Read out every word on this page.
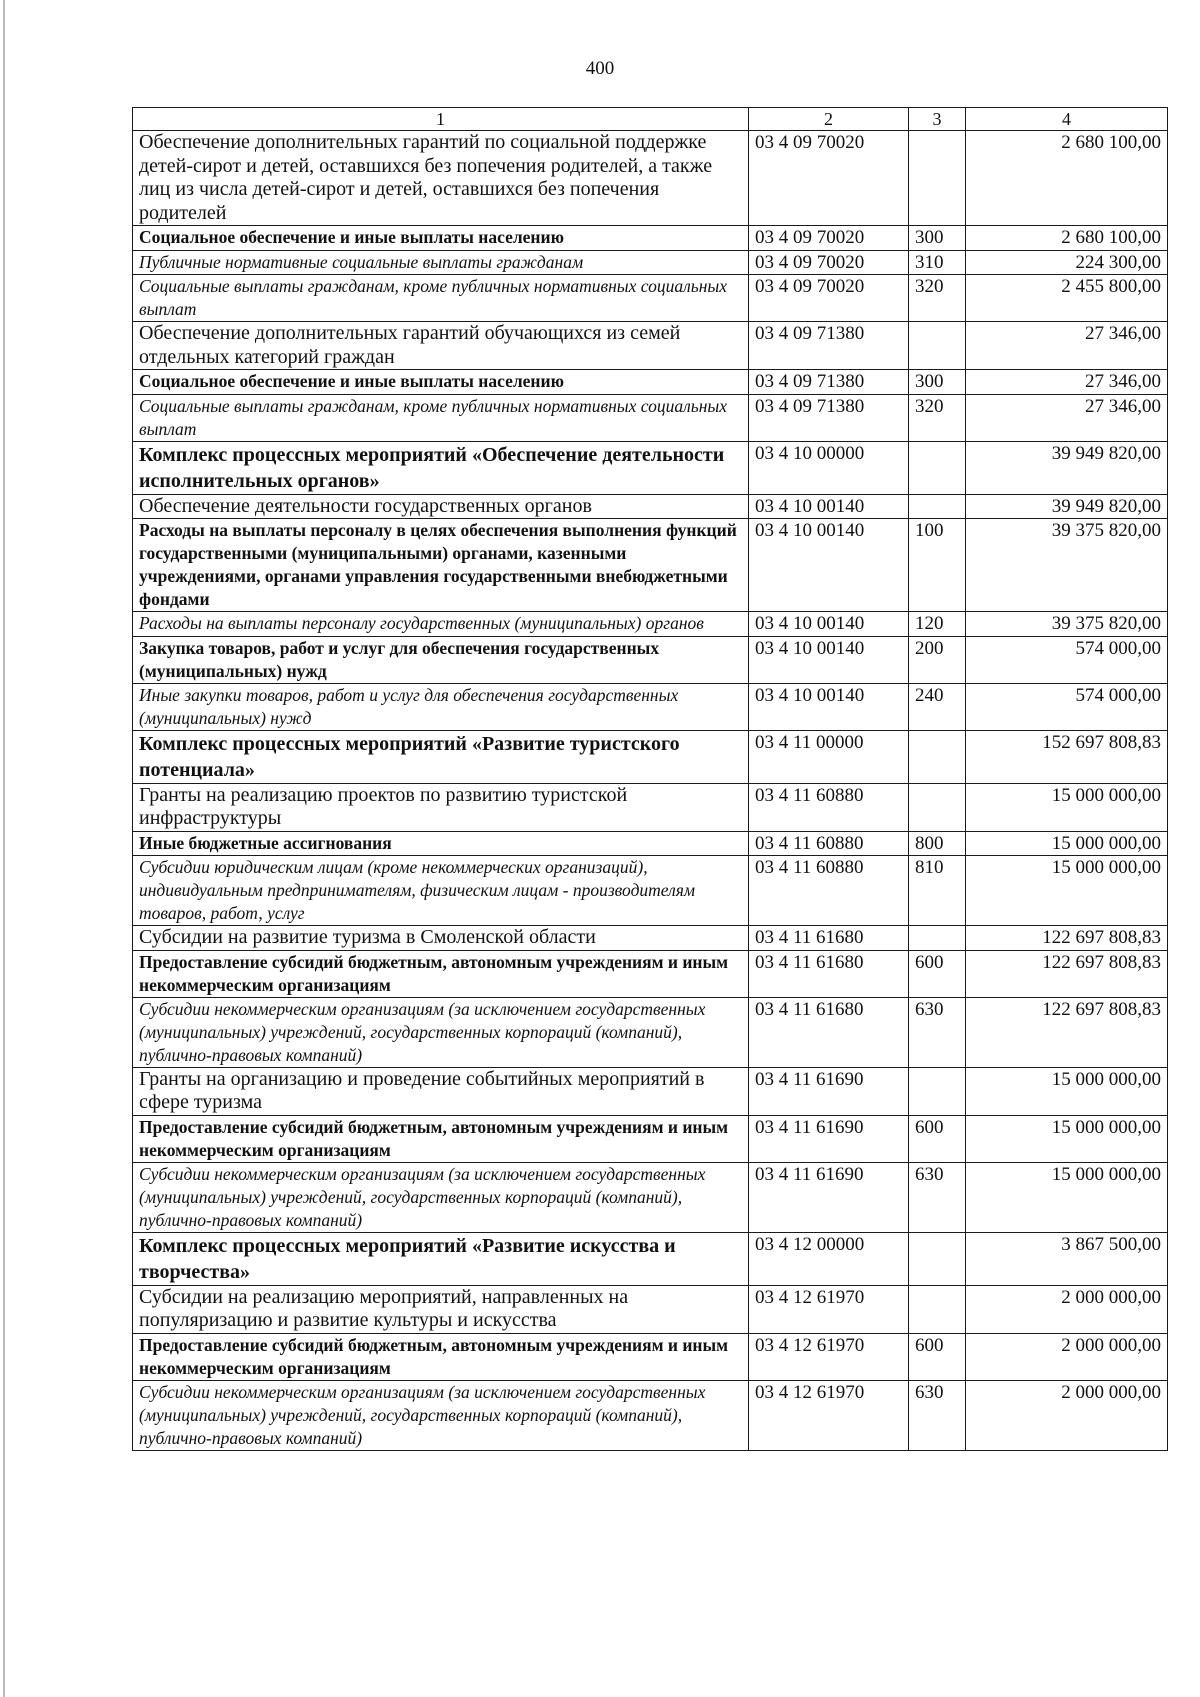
400
1	2	3	4
Обеспечение дополнительных гарантий по социальной поддержке детей-сирот и детей, оставшихся без попечения родителей, а также лиц из числа детей-сирот и детей, оставшихся без попечения родителей	03 4 09 70020		2 680 100,00
Социальное обеспечение и иные выплаты населению	03 4 09 70020	300	2 680 100,00
Публичные нормативные социальные выплаты гражданам	03 4 09 70020	310	224 300,00
Социальные выплаты гражданам, кроме публичных нормативных социальных выплат	03 4 09 70020	320	2 455 800,00
Обеспечение дополнительных гарантий обучающихся из семей отдельных категорий граждан	03 4 09 71380		27 346,00
Социальное обеспечение и иные выплаты населению	03 4 09 71380	300	27 346,00
Социальные выплаты гражданам, кроме публичных нормативных социальных выплат	03 4 09 71380	320	27 346,00
Комплекс процессных мероприятий «Обеспечение деятельности исполнительных органов»	03 4 10 00000		39 949 820,00
Обеспечение деятельности государственных органов	03 4 10 00140		39 949 820,00
Расходы на выплаты персоналу в целях обеспечения выполнения функций государственными (муниципальными) органами, казенными учреждениями, органами управления государственными внебюджетными фондами	03 4 10 00140	100	39 375 820,00
Расходы на выплаты персоналу государственных (муниципальных) органов	03 4 10 00140	120	39 375 820,00
Закупка товаров, работ и услуг для обеспечения государственных (муниципальных) нужд	03 4 10 00140	200	574 000,00
Иные закупки товаров, работ и услуг для обеспечения государственных (муниципальных) нужд	03 4 10 00140	240	574 000,00
Комплекс процессных мероприятий «Развитие туристского потенциала»	03 4 11 00000		152 697 808,83
Гранты на реализацию проектов по развитию туристской инфраструктуры	03 4 11 60880		15 000 000,00
Иные бюджетные ассигнования	03 4 11 60880	800	15 000 000,00
Субсидии юридическим лицам (кроме некоммерческих организаций), индивидуальным предпринимателям, физическим лицам - производителям товаров, работ, услуг	03 4 11 60880	810	15 000 000,00
Субсидии на развитие туризма в Смоленской области	03 4 11 61680		122 697 808,83
Предоставление субсидий бюджетным, автономным учреждениям и иным некоммерческим организациям	03 4 11 61680	600	122 697 808,83
Субсидии некоммерческим организациям (за исключением государственных (муниципальных) учреждений, государственных корпораций (компаний), публично-правовых компаний)	03 4 11 61680	630	122 697 808,83
Гранты на организацию и проведение событийных мероприятий в сфере туризма	03 4 11 61690		15 000 000,00
Предоставление субсидий бюджетным, автономным учреждениям и иным некоммерческим организациям	03 4 11 61690	600	15 000 000,00
Субсидии некоммерческим организациям (за исключением государственных (муниципальных) учреждений, государственных корпораций (компаний), публично-правовых компаний)	03 4 11 61690	630	15 000 000,00
Комплекс процессных мероприятий «Развитие искусства и творчества»	03 4 12 00000		3 867 500,00
Субсидии на реализацию мероприятий, направленных на популяризацию и развитие культуры и искусства	03 4 12 61970		2 000 000,00
Предоставление субсидий бюджетным, автономным учреждениям и иным некоммерческим организациям	03 4 12 61970	600	2 000 000,00
Субсидии некоммерческим организациям (за исключением государственных (муниципальных) учреждений, государственных корпораций (компаний), публично-правовых компаний)	03 4 12 61970	630	2 000 000,00
